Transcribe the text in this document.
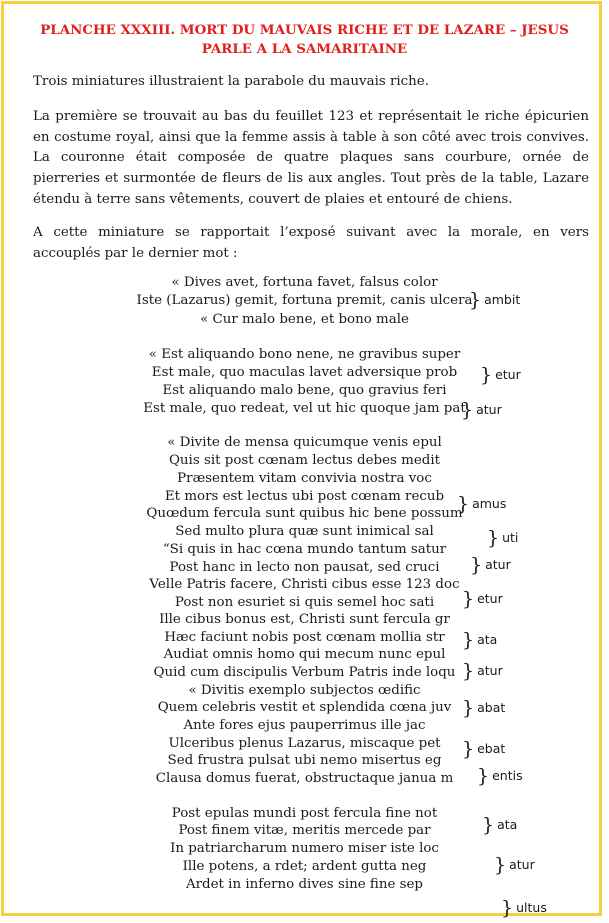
PLANCHE XXXIII. MORT DU MAUVAIS RICHE ET DE LAZARE – JESUS PARLE A LA SAMARITAINE
Trois miniatures illustraient la parabole du mauvais riche.
La première se trouvait au bas du feuillet 123 et représentait le riche épicurien en costume royal, ainsi que la femme assis à table à son côté avec trois convives. La couronne était composée de quatre plaques sans courbure, ornée de pierreries et surmontée de fleurs de lis aux angles. Tout près de la table, Lazare étendu à terre sans vêtements, couvert de plaies et entouré de chiens.
A cette miniature se rapportait l’exposé suivant avec la morale, en vers accouplés par le dernier mot :
« Dives avet, fortuna favet, falsus color
Iste (Lazarus) gemit, fortuna premit, canis ulcera
« Cur malo bene, et bono male
« Est aliquando bono nene, ne gravibus super
Est male, quo maculas lavet adversique prob
Est aliquando malo bene, quo gravius feri
Est male, quo redeat, vel ut hic quoque jam pat
« Divite de mensa quicumque venis epul
Quis sit post cœnam lectus debes medit
Præsentem vitam convivia nostra voc
Et mors est lectus ubi post cœnam recub
Quœdum fercula sunt quibus hic bene possum
Sed multo plura quæ sunt inimical sal
“Si quis in hac cœna mundo tantum satur
Post hanc in lecto non pausat, sed cruci
Velle Patris facere, Christi cibus esse 123 doc
Post non esuriet si quis semel hoc sati
Ille cibus bonus est, Christi sunt fercula gr
Hæc faciunt nobis post cœnam mollia str
Audiat omnis homo qui mecum nunc epul
Quid cum discipulis Verbum Patris inde loqu
« Divitis exemplo subjectos œdific
Quem celebris vestit et splendida cœna juv
Ante fores ejus pauperrimus ille jac
Ulceribus plenus Lazarus, miscaque pet
Sed frustra pulsat ubi nemo misertus eg
Clausa domus fuerat, obstructaque janua m
Post epulas mundi post fercula fine not
Post finem vitæ, meritis mercede par
In patriarcharum numero miser iste loc
Ille potens, a rdet; ardent gutta neg
Ardet in inferno dives sine fine sep
} ambit
} etur
} atur
} amus
} uti
} atur
} etur
} ata
} atur
} abat
} ebat
} entis
} ata
} atur
} ultus
